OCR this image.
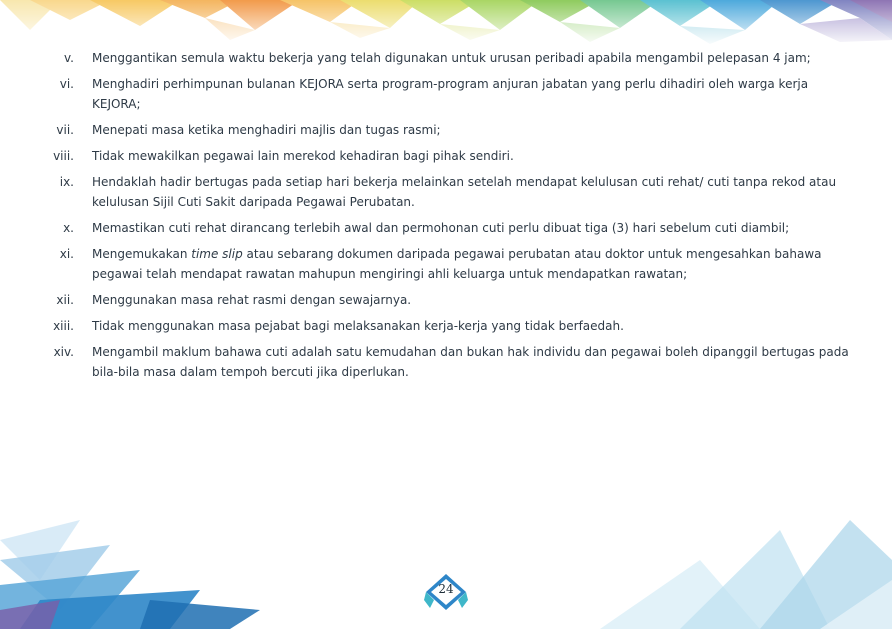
v. Menggantikan semula waktu bekerja yang telah digunakan untuk urusan peribadi apabila mengambil pelepasan 4 jam;
vi. Menghadiri perhimpunan bulanan KEJORA serta program-program anjuran jabatan yang perlu dihadiri oleh warga kerja KEJORA;
vii. Menepati masa ketika menghadiri majlis dan tugas rasmi;
viii. Tidak mewakilkan pegawai lain merekod kehadiran bagi pihak sendiri.
ix. Hendaklah hadir bertugas pada setiap hari bekerja melainkan setelah mendapat kelulusan cuti rehat/ cuti tanpa rekod atau kelulusan Sijil Cuti Sakit daripada Pegawai Perubatan.
x. Memastikan cuti rehat dirancang terlebih awal dan permohonan cuti perlu dibuat tiga (3) hari sebelum cuti diambil;
xi. Mengemukakan time slip atau sebarang dokumen daripada pegawai perubatan atau doktor untuk mengesahkan bahawa pegawai telah mendapat rawatan mahupun mengiringi ahli keluarga untuk mendapatkan rawatan;
xii. Menggunakan masa rehat rasmi dengan sewajarnya.
xiii. Tidak menggunakan masa pejabat bagi melaksanakan kerja-kerja yang tidak berfaedah.
xiv. Mengambil maklum bahawa cuti adalah satu kemudahan dan bukan hak individu dan pegawai boleh dipanggil bertugas pada bila-bila masa dalam tempoh bercuti jika diperlukan.
24
